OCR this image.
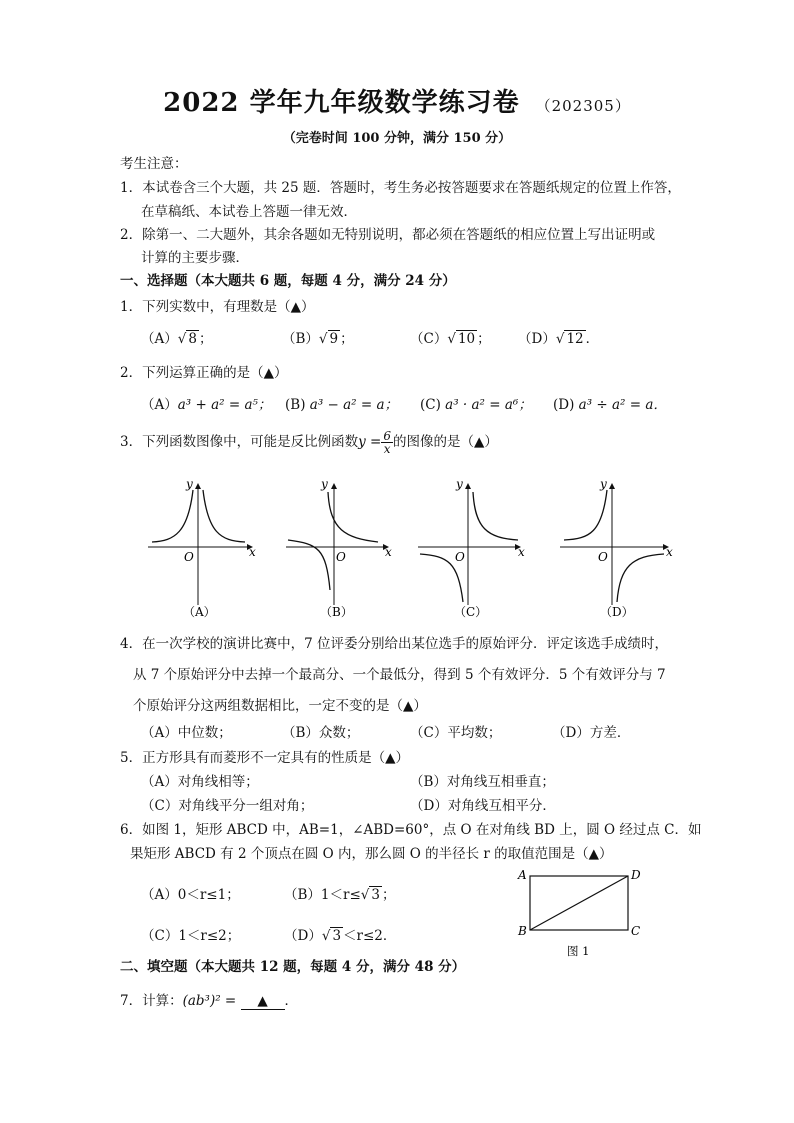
2022 学年九年级数学练习卷 （202305）
（完卷时间 100 分钟，满分 150 分）
考生注意：
1．本试卷含三个大题，共 25 题．答题时，考生务必按答题要求在答题纸规定的位置上作答，
在草稿纸、本试卷上答题一律无效．
2．除第一、二大题外，其余各题如无特别说明，都必须在答题纸的相应位置上写出证明或
计算的主要步骤．
一、选择题（本大题共 6 题，每题 4 分，满分 24 分）
1．下列实数中，有理数是（▲）
（A）√ 8 ；	（B）√ 9 ；	（C）√ 10 ； （D）√ 12 ．
2．下列运算正确的是（▲）
（A）a³ + a² = a⁵； (B) a³ − a² = a； (C) a³ · a² = a⁶； (D) a³ ÷ a² = a．
3．下列函数图像中，可能是反比例函数$y = \frac{6}{x}$ 的图像的是（▲）
y
x
O
（A）
y
x
O
（B）
y
x
O
（C）
y
x
O
（D）
4．在一次学校的演讲比赛中，7 位评委分别给出某位选手的原始评分．评定该选手成绩时，
从 7 个原始评分中去掉一个最高分、一个最低分，得到 5 个有效评分．5 个有效评分与 7
个原始评分这两组数据相比，一定不变的是（▲）
（A）中位数；	（B）众数；	（C）平均数；	（D）方差．
5．正方形具有而菱形不一定具有的性质是（▲）
（A）对角线相等；	（B）对角线互相垂直；
（C）对角线平分一组对角；	（D）对角线互相平分．
6．如图 1，矩形 ABCD 中，AB=1，∠ABD=60°，点 O 在对角线 BD 上，圆 O 经过点 C．如
果矩形 ABCD 有 2 个顶点在圆 O 内，那么圆 O 的半径长 r 的取值范围是（▲）
（A）0＜r≤1；	（B）1＜r≤√ 3 ；
（C）1＜r≤2；	（D）√ 3 ＜r≤2．
A
B	C
D
图 1
二、填空题（本大题共 12 题，每题 4 分，满分 48 分）
7．计算：(ab³)² = ▲ ．
